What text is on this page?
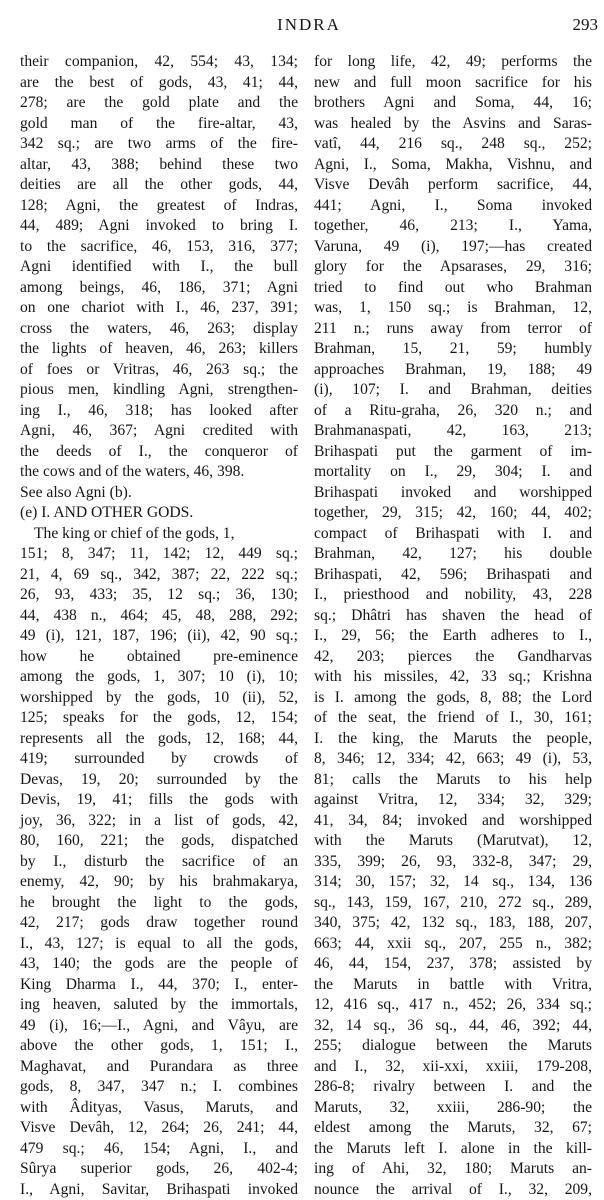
INDRA	293
their companion, 42, 554; 43, 134;
are the best of gods, 43, 41; 44,
278; are the gold plate and the
gold man of the fire-altar, 43,
342 sq.; are two arms of the fire-
altar, 43, 388; behind these two
deities are all the other gods, 44,
128; Agni, the greatest of Indras,
44, 489; Agni invoked to bring I.
to the sacrifice, 46, 153, 316, 377;
Agni identified with I., the bull
among beings, 46, 186, 371; Agni
on one chariot with I., 46, 237, 391;
cross the waters, 46, 263; display
the lights of heaven, 46, 263; killers
of foes or Vritras, 46, 263 sq.; the
pious men, kindling Agni, strengthen-
ing I., 46, 318; has looked after
Agni, 46, 367; Agni credited with
the deeds of I., the conqueror of
the cows and of the waters, 46, 398.
See also Agni (b).
(e) I. AND OTHER GODS.
The king or chief of the gods, 1,
151; 8, 347; 11, 142; 12, 449 sq.;
21, 4, 69 sq., 342, 387; 22, 222 sq.;
26, 93, 433; 35, 12 sq.; 36, 130;
44, 438 n., 464; 45, 48, 288, 292;
49 (i), 121, 187, 196; (ii), 42, 90 sq.;
how he obtained pre-eminence
among the gods, 1, 307; 10 (i), 10;
worshipped by the gods, 10 (ii), 52,
125; speaks for the gods, 12, 154;
represents all the gods, 12, 168; 44,
419; surrounded by crowds of
Devas, 19, 20; surrounded by the
Devis, 19, 41; fills the gods with
joy, 36, 322; in a list of gods, 42,
80, 160, 221; the gods, dispatched
by I., disturb the sacrifice of an
enemy, 42, 90; by his brahmakarya,
he brought the light to the gods,
42, 217; gods draw together round
I., 43, 127; is equal to all the gods,
43, 140; the gods are the people of
King Dharma I., 44, 370; I., enter-
ing heaven, saluted by the immortals,
49 (i), 16;—I., Agni, and Vâyu, are
above the other gods, 1, 151; I.,
Maghavat, and Purandara as three
gods, 8, 347, 347 n.; I. combines
with Âdityas, Vasus, Maruts, and
Visve Devâh, 12, 264; 26, 241; 44,
479 sq.; 46, 154; Agni, I., and
Sûrya superior gods, 26, 402-4;
I., Agni, Savitar, Brihaspati invoked
for long life, 42, 49; performs the
new and full moon sacrifice for his
brothers Agni and Soma, 44, 16;
was healed by the Asvins and Saras-
vatî, 44, 216 sq., 248 sq., 252;
Agni, I., Soma, Makha, Vishnu, and
Visve Devâh perform sacrifice, 44,
441; Agni, I., Soma invoked
together, 46, 213; I., Yama,
Varuna, 49 (i), 197;—has created
glory for the Apsarases, 29, 316;
tried to find out who Brahman
was, 1, 150 sq.; is Brahman, 12,
211 n.; runs away from terror of
Brahman, 15, 21, 59; humbly
approaches Brahman, 19, 188; 49
(i), 107; I. and Brahman, deities
of a Ritu-graha, 26, 320 n.; and
Brahmanaspati, 42, 163, 213;
Brihaspati put the garment of im-
mortality on I., 29, 304; I. and
Brihaspati invoked and worshipped
together, 29, 315; 42, 160; 44, 402;
compact of Brihaspati with I. and
Brahman, 42, 127; his double
Brihaspati, 42, 596; Brihaspati and
I., priesthood and nobility, 43, 228
sq.; Dhâtri has shaven the head of
I., 29, 56; the Earth adheres to I.,
42, 203; pierces the Gandharvas
with his missiles, 42, 33 sq.; Krishna
is I. among the gods, 8, 88; the Lord
of the seat, the friend of I., 30, 161;
I. the king, the Maruts the people,
8, 346; 12, 334; 42, 663; 49 (i), 53,
81; calls the Maruts to his help
against Vritra, 12, 334; 32, 329;
41, 34, 84; invoked and worshipped
with the Maruts (Marutvat), 12,
335, 399; 26, 93, 332-8, 347; 29,
314; 30, 157; 32, 14 sq., 134, 136
sq., 143, 159, 167, 210, 272 sq., 289,
340, 375; 42, 132 sq., 183, 188, 207,
663; 44, xxii sq., 207, 255 n., 382;
46, 44, 154, 237, 378; assisted by
the Maruts in battle with Vritra,
12, 416 sq., 417 n., 452; 26, 334 sq.;
32, 14 sq., 36 sq., 44, 46, 392; 44,
255; dialogue between the Maruts
and I., 32, xii-xxi, xxiii, 179-208,
286-8; rivalry between I. and the
Maruts, 32, xxiii, 286-90; the
eldest among the Maruts, 32, 67;
the Maruts left I. alone in the kill-
ing of Ahi, 32, 180; Maruts an-
nounce the arrival of I., 32, 209,
